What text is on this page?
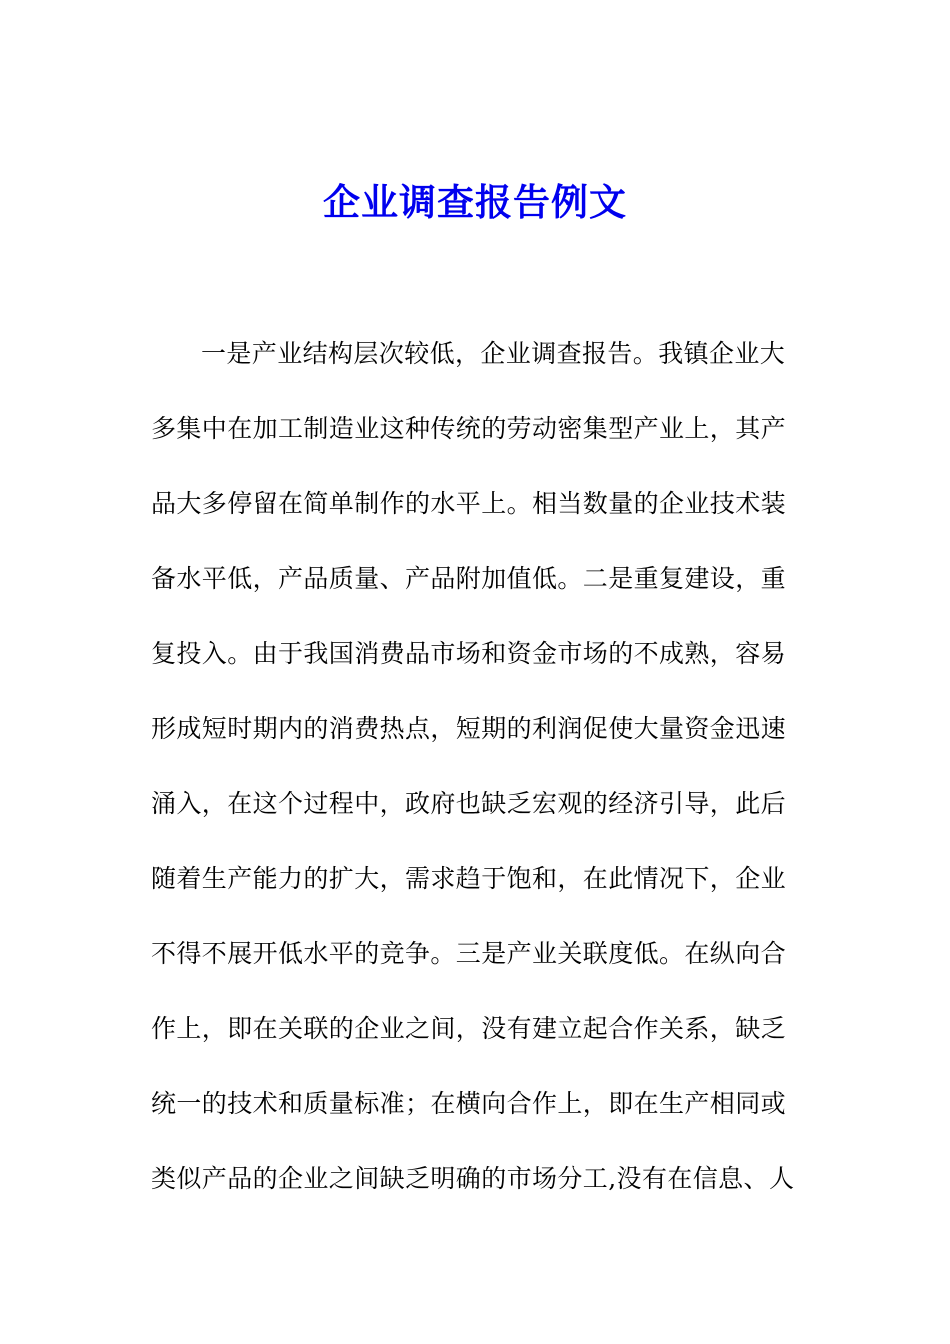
企业调查报告例文
一是产业结构层次较低，企业调查报告。我镇企业大
多集中在加工制造业这种传统的劳动密集型产业上，其产
品大多停留在简单制作的水平上。相当数量的企业技术装
备水平低，产品质量、产品附加值低。二是重复建设，重
复投入。由于我国消费品市场和资金市场的不成熟，容易
形成短时期内的消费热点，短期的利润促使大量资金迅速
涌入，在这个过程中，政府也缺乏宏观的经济引导，此后
随着生产能力的扩大，需求趋于饱和，在此情况下，企业
不得不展开低水平的竞争。三是产业关联度低。在纵向合
作上，即在关联的企业之间，没有建立起合作关系，缺乏
统一的技术和质量标准；在横向合作上，即在生产相同或
类似产品的企业之间缺乏明确的市场分工,没有在信息、人
